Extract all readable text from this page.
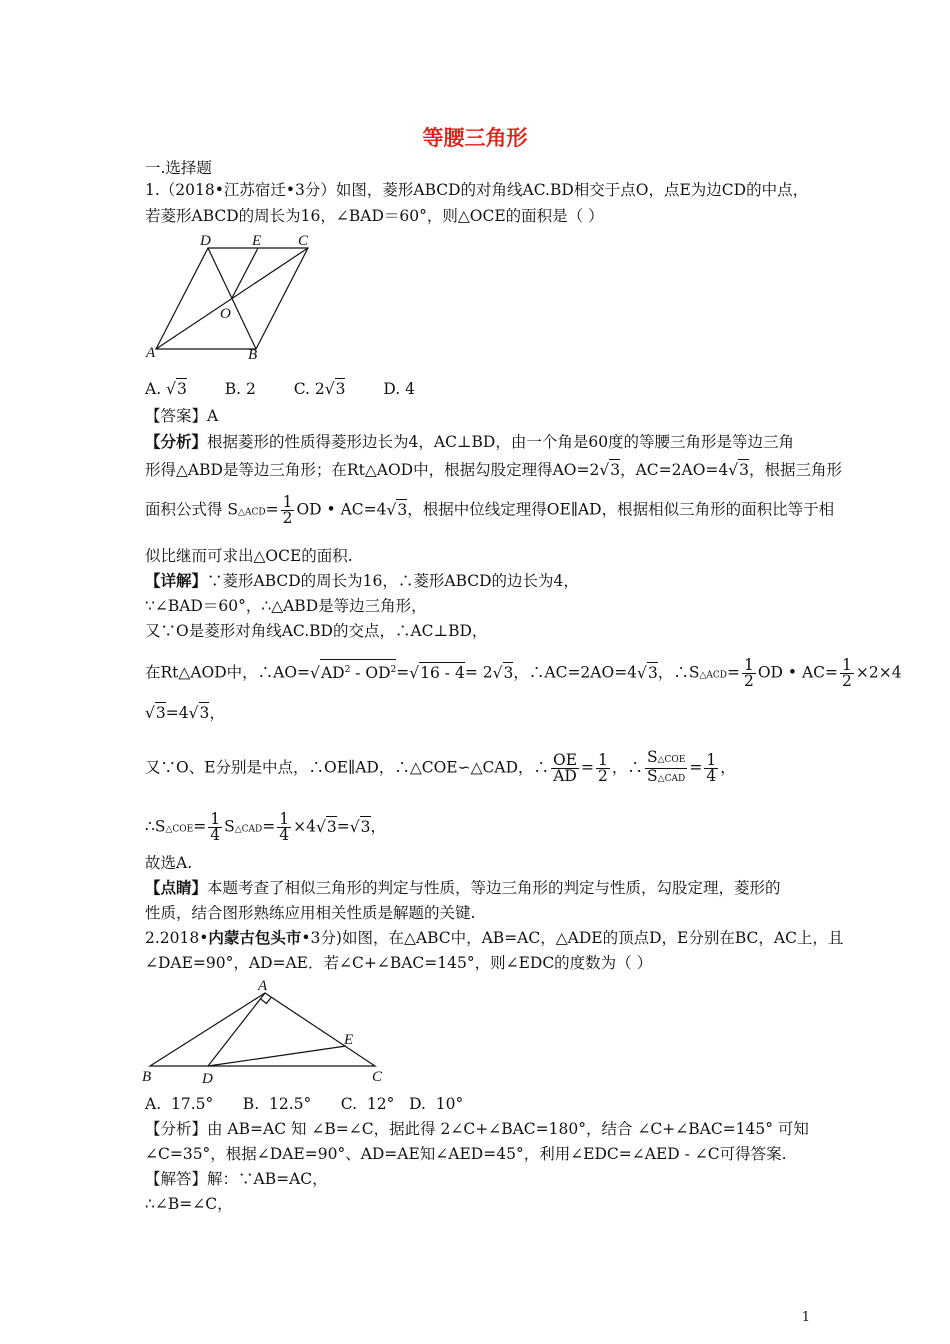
等腰三角形
一.选择题
1.（2018•江苏宿迁•3分）如图，菱形ABCD的对角线AC.BD相交于点O，点E为边CD的中点，
若菱形ABCD的周长为16，∠BAD＝60°，则△OCE的面积是（ ）
D	E C
O
A	B
A. √3 B. 2 C. 2√3 D. 4
【答案】A
【分析】根据菱形的性质得菱形边长为4，AC⊥BD，由一个角是60度的等腰三角形是等边三角
形得△ABD是等边三角形；在Rt△AOD中，根据勾股定理得AO=2√3，AC=2AO=4√3，根据三角形
面积公式得 S△ACD= $\frac{1}{2}$ OD • AC=4√3，根据中位线定理得OE∥AD，根据相似三角形的面积比等于相
似比继而可求出△OCE的面积.
【详解】∵菱形ABCD的周长为16，∴菱形ABCD的边长为4，
∵∠BAD＝60°，∴△ABD是等边三角形，
又∵O是菱形对角线AC.BD的交点，∴AC⊥BD，
在Rt△AOD中，$\therefore AO=√AD^2 - OD^2=√16 - 4= 2√3$，∴AC=2AO=4√3，∴S△ACD= $\frac{1}{2}$ OD • $AC= \frac{1}{2} \times 2\times 4$
√3=4√3，
又∵O、E分别是中点，∴OE∥AD，∴△COE∽△CAD，∴ $\frac{OE}{AD} = \frac{1}{2}$ ，∴ $\frac{\text{S△COE}}{\text{S△CAD}} = \frac{1}{4}$ ，
∴S△COE= $\frac{1}{4}$ S△CAD= $\frac{1}{4} \times 4√3=√3$，
故选A.
【点睛】本题考查了相似三角形的判定与性质，等边三角形的判定与性质，勾股定理，菱形的
性质，结合图形熟练应用相关性质是解题的关键.
2.2018•内蒙古包头市•3分)如图，在△ABC中，AB=AC，△ADE的顶点D，E分别在BC，AC上，且
∠DAE=90°，AD=AE．若∠C+∠BAC=145°，则∠EDC的度数为（ ）
A
E
B	D	C
A.  17.5°      B.  12.5°      C.  12°   D.  10°
【分析】由 AB=AC 知 ∠B=∠C，据此得 2∠C+∠BAC=180°，结合 ∠C+∠BAC=145° 可知
∠C=35°，根据∠DAE=90°、AD=AE知∠AED=45°，利用∠EDC=∠AED - ∠C可得答案.
【解答】解：∵AB=AC，
∴∠B=∠C，
1
